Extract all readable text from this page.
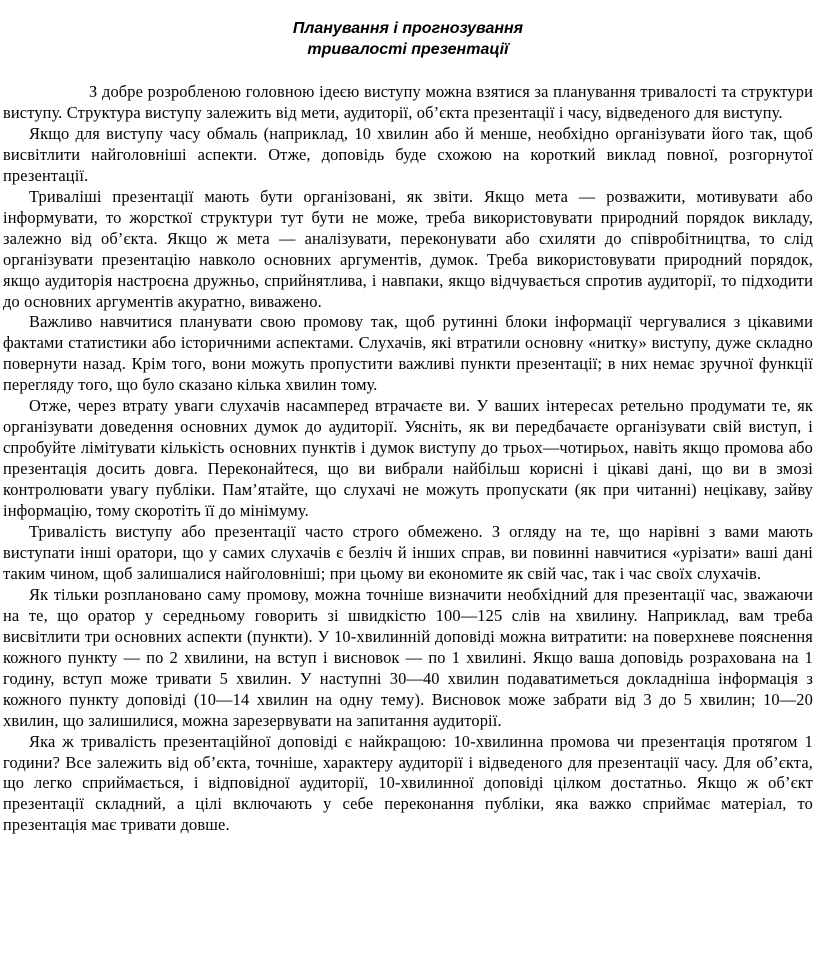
Планування і прогнозування
тривалості презентації

З добре розробленою головною ідеєю виступу можна взятися за планування тривалості та структури виступу. Структура виступу залежить від мети, аудиторії, об’єкта презентації і часу, відведеного для виступу.

Якщо для виступу часу обмаль (наприклад, 10 хвилин або й менше, необхідно організувати його так, щоб висвітлити найголовніші аспекти. Отже, доповідь буде схожою на короткий виклад повної, розгорнутої презентації.

Триваліші презентації мають бути організовані, як звіти. Якщо мета — розважити, мотивувати або інформувати, то жорсткої структури тут бути не може, треба використовувати природний порядок викладу, залежно від об’єкта. Якщо ж мета — аналізувати, переконувати або схиляти до співробітництва, то слід організувати презентацію навколо основних аргументів, думок. Треба використовувати природний порядок, якщо аудиторія настроєна дружньо, сприйнятлива, і навпаки, якщо відчувається спротив аудиторії, то підходити до основних аргументів акуратно, виважено.

Важливо навчитися планувати свою промову так, щоб рутинні блоки інформації чергувалися з цікавими фактами статистики або історичними аспектами. Слухачів, які втратили основну «нитку» виступу, дуже складно повернути назад. Крім того, вони можуть пропустити важливі пункти презентації; в них немає зручної функції перегляду того, що було сказано кілька хвилин тому.

Отже, через втрату уваги слухачів насамперед втрачаєте ви. У ваших інтересах ретельно продумати те, як організувати доведення основних думок до аудиторії. Уясніть, як ви передбачаєте організувати свій виступ, і спробуйте лімітувати кількість основних пунктів і думок виступу до трьох—чотирьох, навіть якщо промова або презентація досить довга. Переконайтеся, що ви вибрали найбільш корисні і цікаві дані, що ви в змозі контролювати увагу публіки. Пам’ятайте, що слухачі не можуть пропускати (як при читанні) нецікаву, зайву інформацію, тому скоротіть її до мінімуму.

Тривалість виступу або презентації часто строго обмежено. З огляду на те, що нарівні з вами мають виступати інші оратори, що у самих слухачів є безліч й інших справ, ви повинні навчитися «урізати» ваші дані таким чином, щоб залишалися найголовніші; при цьому ви економите як свій час, так і час своїх слухачів.

Як тільки розплановано саму промову, можна точніше визначити необхідний для презентації час, зважаючи на те, що оратор у середньому говорить зі швидкістю 100—125 слів на хвилину. Наприклад, вам треба висвітлити три основних аспекти (пункти). У 10-хвилинній доповіді можна витратити: на поверхневе пояснення кожного пункту — по 2 хвилини, на вступ і висновок — по 1 хвилині. Якщо ваша доповідь розрахована на 1 годину, вступ може тривати 5 хвилин. У наступні 30—40 хвилин подаватиметься докладніша інформація з кожного пункту доповіді (10—14 хвилин на одну тему). Висновок може забрати від 3 до 5 хвилин; 10—20 хвилин, що залишилися, можна зарезервувати на запитання аудиторії.

Яка ж тривалість презентаційної доповіді є найкращою: 10-хвилинна промова чи презентація протягом 1 години? Все залежить від об’єкта, точніше, характеру аудиторії і відведеного для презентації часу. Для об’єкта, що легко сприймається, і відповідної аудиторії, 10-хвилинної доповіді цілком достатньо. Якщо ж об’єкт презентації складний, а цілі включають у себе переконання публіки, яка важко сприймає матеріал, то презентація має тривати довше.
